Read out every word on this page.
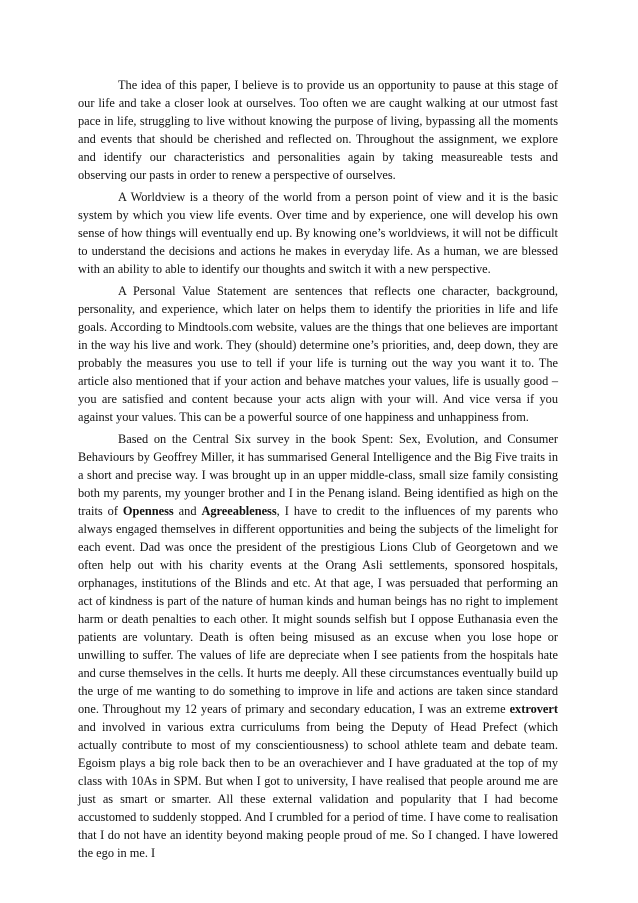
The idea of this paper, I believe is to provide us an opportunity to pause at this stage of our life and take a closer look at ourselves. Too often we are caught walking at our utmost fast pace in life, struggling to live without knowing the purpose of living, bypassing all the moments and events that should be cherished and reflected on. Throughout the assignment, we explore and identify our characteristics and personalities again by taking measureable tests and observing our pasts in order to renew a perspective of ourselves.

A Worldview is a theory of the world from a person point of view and it is the basic system by which you view life events. Over time and by experience, one will develop his own sense of how things will eventually end up. By knowing one’s worldviews, it will not be difficult to understand the decisions and actions he makes in everyday life. As a human, we are blessed with an ability to able to identify our thoughts and switch it with a new perspective.

A Personal Value Statement are sentences that reflects one character, background, personality, and experience, which later on helps them to identify the priorities in life and life goals. According to Mindtools.com website, values are the things that one believes are important in the way his live and work. They (should) determine one’s priorities, and, deep down, they are probably the measures you use to tell if your life is turning out the way you want it to. The article also mentioned that if your action and behave matches your values, life is usually good – you are satisfied and content because your acts align with your will. And vice versa if you against your values. This can be a powerful source of one happiness and unhappiness from.

Based on the Central Six survey in the book Spent: Sex, Evolution, and Consumer Behaviours by Geoffrey Miller, it has summarised General Intelligence and the Big Five traits in a short and precise way. I was brought up in an upper middle-class, small size family consisting both my parents, my younger brother and I in the Penang island. Being identified as high on the traits of Openness and Agreeableness, I have to credit to the influences of my parents who always engaged themselves in different opportunities and being the subjects of the limelight for each event. Dad was once the president of the prestigious Lions Club of Georgetown and we often help out with his charity events at the Orang Asli settlements, sponsored hospitals, orphanages, institutions of the Blinds and etc. At that age, I was persuaded that performing an act of kindness is part of the nature of human kinds and human beings has no right to implement harm or death penalties to each other. It might sounds selfish but I oppose Euthanasia even the patients are voluntary. Death is often being misused as an excuse when you lose hope or unwilling to suffer. The values of life are depreciate when I see patients from the hospitals hate and curse themselves in the cells. It hurts me deeply. All these circumstances eventually build up the urge of me wanting to do something to improve in life and actions are taken since standard one. Throughout my 12 years of primary and secondary education, I was an extreme extrovert and involved in various extra curriculums from being the Deputy of Head Prefect (which actually contribute to most of my conscientiousness) to school athlete team and debate team. Egoism plays a big role back then to be an overachiever and I have graduated at the top of my class with 10As in SPM. But when I got to university, I have realised that people around me are just as smart or smarter. All these external validation and popularity that I had become accustomed to suddenly stopped. And I crumbled for a period of time. I have come to realisation that I do not have an identity beyond making people proud of me. So I changed. I have lowered the ego in me. I
